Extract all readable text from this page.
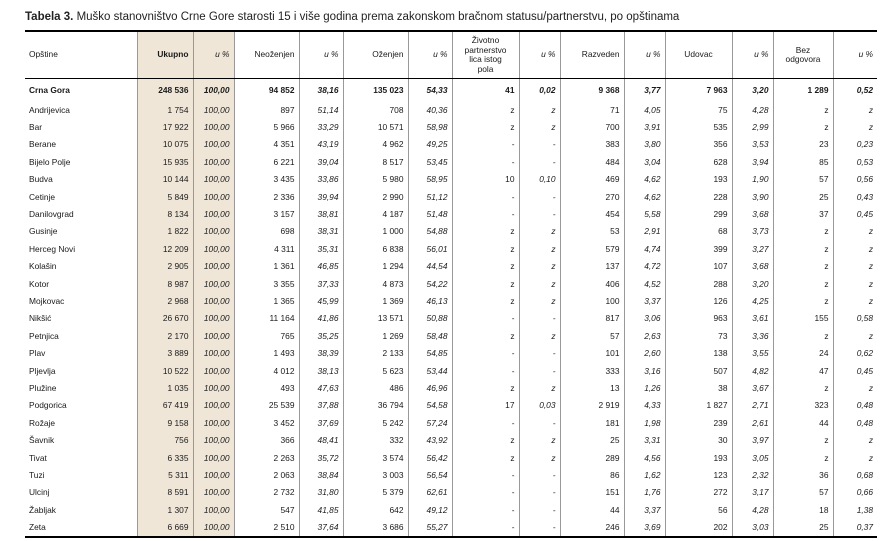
Tabela 3. Muško stanovništvo Crne Gore starosti 15 i više godina prema zakonskom bračnom statusu/partnerstvu, po opštinama
Opštine	Ukupno	u %	Neoženjen	u %	Oženjen	u %	Životno
partnerstvo
lica istog
pola	u %	Razveden	u %	Udovac	u %	Bez
odgovora	u %
Crna Gora	248 536	100,00	94 852	38,16	135 023	54,33	41	0,02	9 368	3,77	7 963	3,20	1 289	0,52
Andrijevica	1 754	100,00	897	51,14	708	40,36	z	z	71	4,05	75	4,28	z	z
Bar	17 922	100,00	5 966	33,29	10 571	58,98	z	z	700	3,91	535	2,99	z	z
Berane	10 075	100,00	4 351	43,19	4 962	49,25	-	-	383	3,80	356	3,53	23	0,23
Bijelo Polje	15 935	100,00	6 221	39,04	8 517	53,45	-	-	484	3,04	628	3,94	85	0,53
Budva	10 144	100,00	3 435	33,86	5 980	58,95	10	0,10	469	4,62	193	1,90	57	0,56
Cetinje	5 849	100,00	2 336	39,94	2 990	51,12	-	-	270	4,62	228	3,90	25	0,43
Danilovgrad	8 134	100,00	3 157	38,81	4 187	51,48	-	-	454	5,58	299	3,68	37	0,45
Gusinje	1 822	100,00	698	38,31	1 000	54,88	z	z	53	2,91	68	3,73	z	z
Herceg Novi	12 209	100,00	4 311	35,31	6 838	56,01	z	z	579	4,74	399	3,27	z	z
Kolašin	2 905	100,00	1 361	46,85	1 294	44,54	z	z	137	4,72	107	3,68	z	z
Kotor	8 987	100,00	3 355	37,33	4 873	54,22	z	z	406	4,52	288	3,20	z	z
Mojkovac	2 968	100,00	1 365	45,99	1 369	46,13	z	z	100	3,37	126	4,25	z	z
Nikšić	26 670	100,00	11 164	41,86	13 571	50,88	-	-	817	3,06	963	3,61	155	0,58
Petnjica	2 170	100,00	765	35,25	1 269	58,48	z	z	57	2,63	73	3,36	z	z
Plav	3 889	100,00	1 493	38,39	2 133	54,85	-	-	101	2,60	138	3,55	24	0,62
Pljevlja	10 522	100,00	4 012	38,13	5 623	53,44	-	-	333	3,16	507	4,82	47	0,45
Plužine	1 035	100,00	493	47,63	486	46,96	z	z	13	1,26	38	3,67	z	z
Podgorica	67 419	100,00	25 539	37,88	36 794	54,58	17	0,03	2 919	4,33	1 827	2,71	323	0,48
Rožaje	9 158	100,00	3 452	37,69	5 242	57,24	-	-	181	1,98	239	2,61	44	0,48
Šavnik	756	100,00	366	48,41	332	43,92	z	z	25	3,31	30	3,97	z	z
Tivat	6 335	100,00	2 263	35,72	3 574	56,42	z	z	289	4,56	193	3,05	z	z
Tuzi	5 311	100,00	2 063	38,84	3 003	56,54	-	-	86	1,62	123	2,32	36	0,68
Ulcinj	8 591	100,00	2 732	31,80	5 379	62,61	-	-	151	1,76	272	3,17	57	0,66
Žabljak	1 307	100,00	547	41,85	642	49,12	-	-	44	3,37	56	4,28	18	1,38
Zeta	6 669	100,00	2 510	37,64	3 686	55,27	-	-	246	3,69	202	3,03	25	0,37
